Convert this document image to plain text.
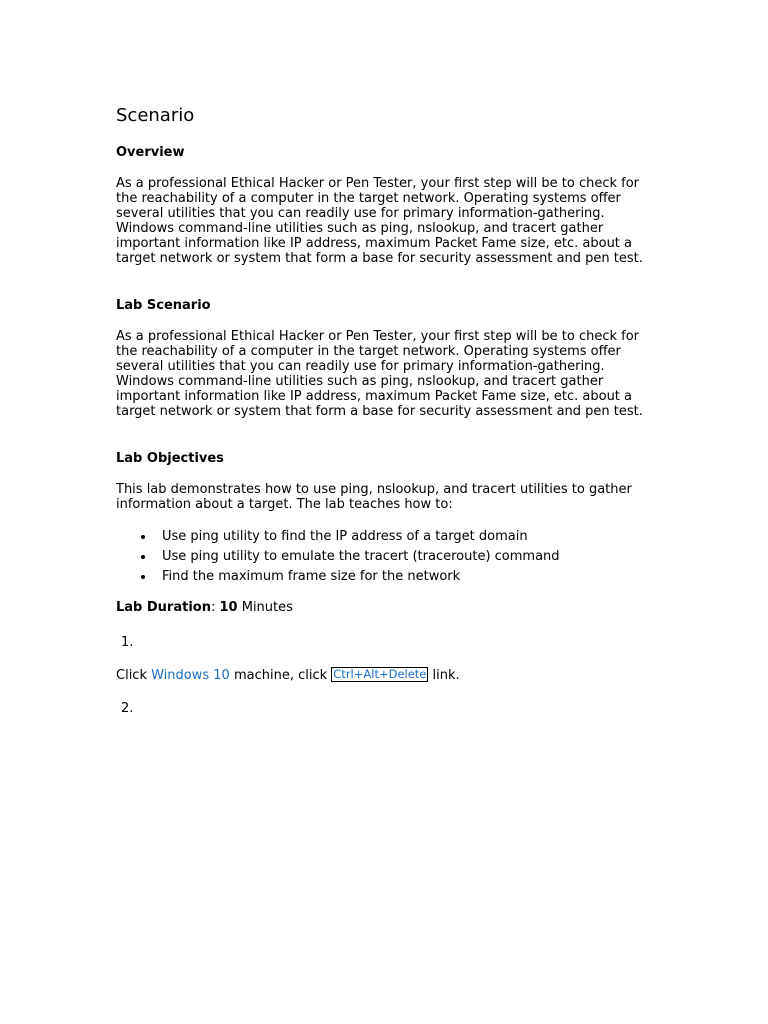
Scenario
Overview

As a professional Ethical Hacker or Pen Tester, your first step will be to check for the reachability of a computer in the target network. Operating systems offer several utilities that you can readily use for primary information-gathering. Windows command-line utilities such as ping, nslookup, and tracert gather important information like IP address, maximum Packet Fame size, etc. about a target network or system that form a base for security assessment and pen test.

Lab Scenario

As a professional Ethical Hacker or Pen Tester, your first step will be to check for the reachability of a computer in the target network. Operating systems offer several utilities that you can readily use for primary information-gathering. Windows command-line utilities such as ping, nslookup, and tracert gather important information like IP address, maximum Packet Fame size, etc. about a target network or system that form a base for security assessment and pen test.

Lab Objectives

This lab demonstrates how to use ping, nslookup, and tracert utilities to gather information about a target. The lab teaches how to:

Use ping utility to find the IP address of a target domain
Use ping utility to emulate the tracert (traceroute) command
Find the maximum frame size for the network

Lab Duration: 10 Minutes

1.

Click Windows 10 machine, click Ctrl+Alt+Delete link.

2.
